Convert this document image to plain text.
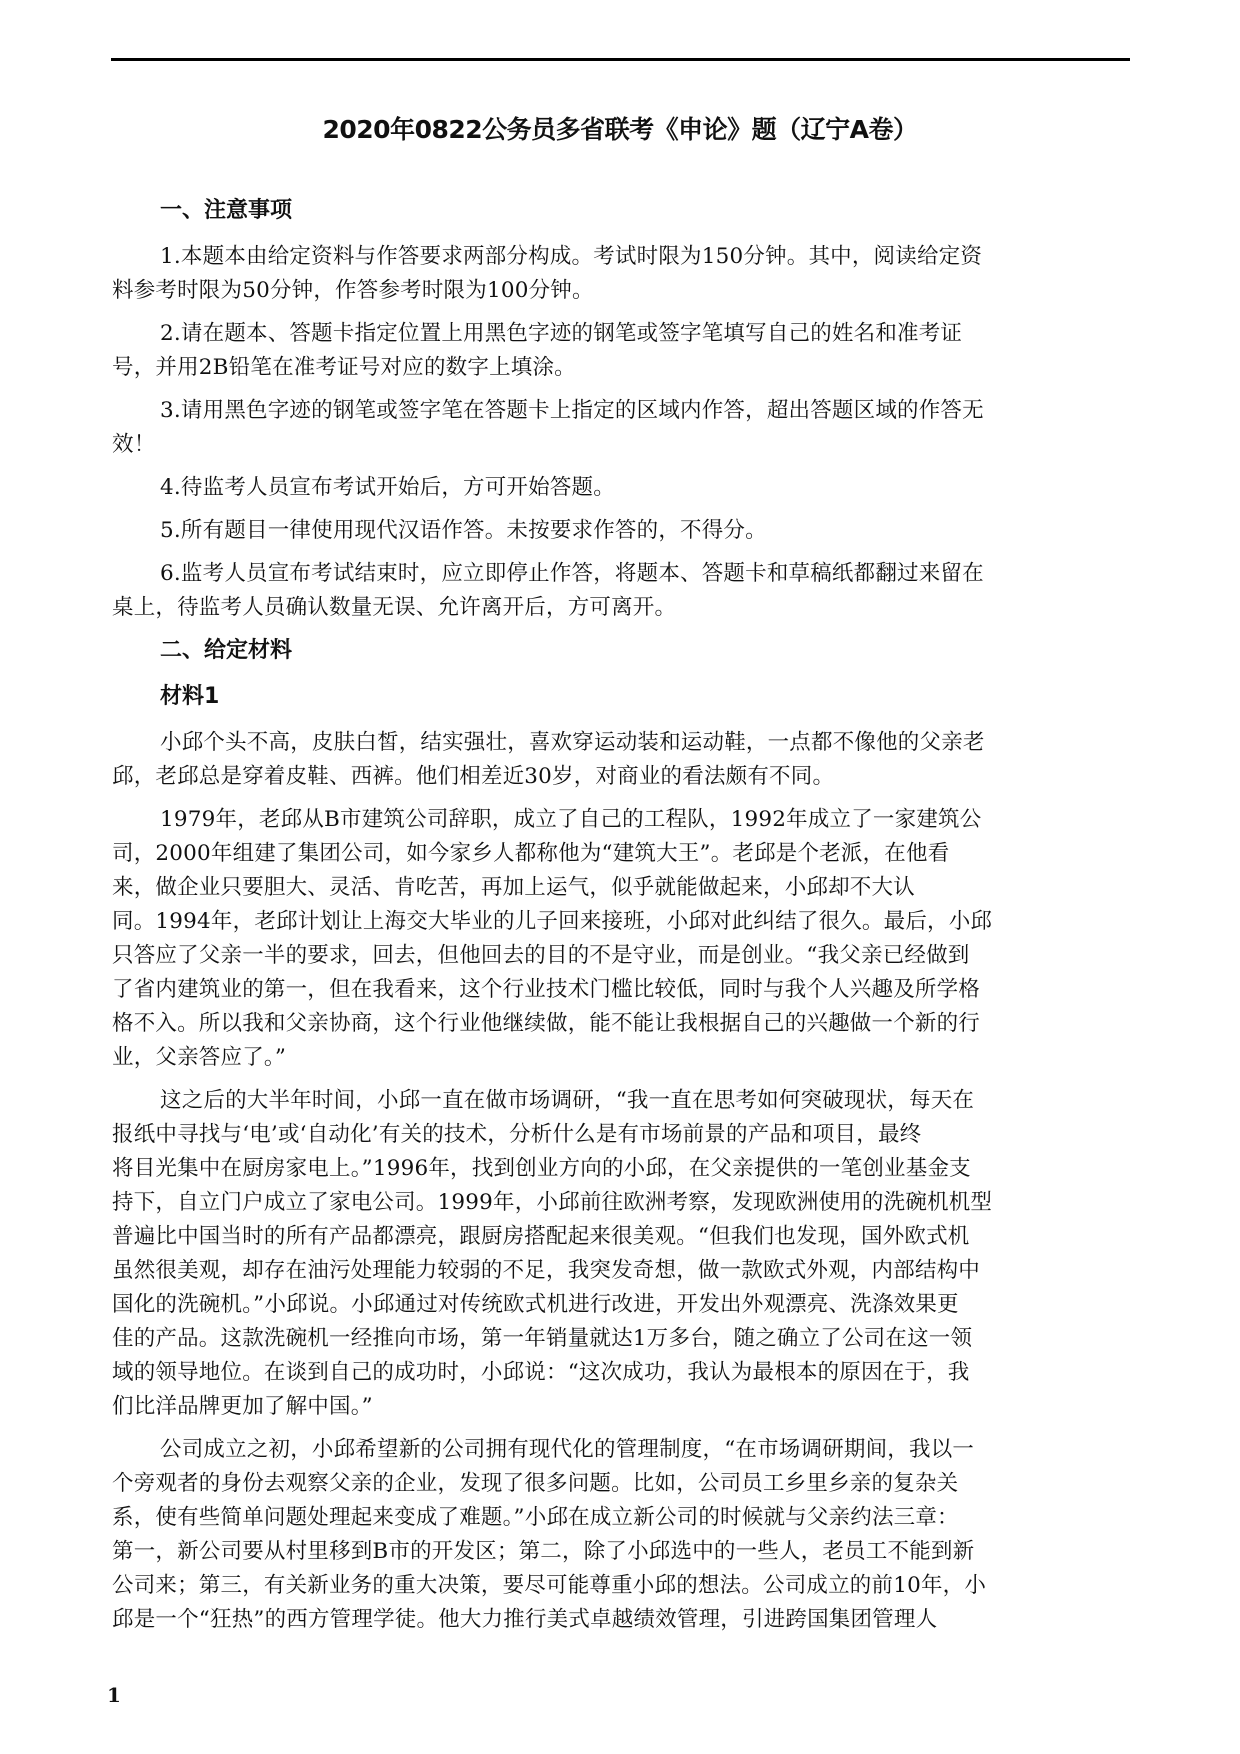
2020年0822公务员多省联考《申论》题（辽宁A卷）
一、注意事项
1.本题本由给定资料与作答要求两部分构成。考试时限为150分钟。其中，阅读给定资
料参考时限为50分钟，作答参考时限为100分钟。
2.请在题本、答题卡指定位置上用黑色字迹的钢笔或签字笔填写自己的姓名和准考证
号，并用2B铅笔在准考证号对应的数字上填涂。
3.请用黑色字迹的钢笔或签字笔在答题卡上指定的区域内作答，超出答题区域的作答无
效！
4.待监考人员宣布考试开始后，方可开始答题。
5.所有题目一律使用现代汉语作答。未按要求作答的，不得分。
6.监考人员宣布考试结束时，应立即停止作答，将题本、答题卡和草稿纸都翻过来留在
桌上，待监考人员确认数量无误、允许离开后，方可离开。
二、给定材料
材料1
小邱个头不高，皮肤白皙，结实强壮，喜欢穿运动装和运动鞋，一点都不像他的父亲老
邱，老邱总是穿着皮鞋、西裤。他们相差近30岁，对商业的看法颇有不同。
1979年，老邱从B市建筑公司辞职，成立了自己的工程队，1992年成立了一家建筑公
司，2000年组建了集团公司，如今家乡人都称他为“建筑大王”。老邱是个老派，在他看
来，做企业只要胆大、灵活、肯吃苦，再加上运气，似乎就能做起来，小邱却不大认
同。1994年，老邱计划让上海交大毕业的儿子回来接班，小邱对此纠结了很久。最后，小邱
只答应了父亲一半的要求，回去，但他回去的目的不是守业，而是创业。“我父亲已经做到
了省内建筑业的第一，但在我看来，这个行业技术门槛比较低，同时与我个人兴趣及所学格
格不入。所以我和父亲协商，这个行业他继续做，能不能让我根据自己的兴趣做一个新的行
业，父亲答应了。”
这之后的大半年时间，小邱一直在做市场调研，“我一直在思考如何突破现状，每天在
报纸中寻找与‘电’或‘自动化’有关的技术，分析什么是有市场前景的产品和项目，最终
将目光集中在厨房家电上。”1996年，找到创业方向的小邱，在父亲提供的一笔创业基金支
持下，自立门户成立了家电公司。1999年，小邱前往欧洲考察，发现欧洲使用的洗碗机机型
普遍比中国当时的所有产品都漂亮，跟厨房搭配起来很美观。“但我们也发现，国外欧式机
虽然很美观，却存在油污处理能力较弱的不足，我突发奇想，做一款欧式外观，内部结构中
国化的洗碗机。”小邱说。小邱通过对传统欧式机进行改进，开发出外观漂亮、洗涤效果更
佳的产品。这款洗碗机一经推向市场，第一年销量就达1万多台，随之确立了公司在这一领
域的领导地位。在谈到自己的成功时，小邱说：“这次成功，我认为最根本的原因在于，我
们比洋品牌更加了解中国。”
公司成立之初，小邱希望新的公司拥有现代化的管理制度，“在市场调研期间，我以一
个旁观者的身份去观察父亲的企业，发现了很多问题。比如，公司员工乡里乡亲的复杂关
系，使有些简单问题处理起来变成了难题。”小邱在成立新公司的时候就与父亲约法三章：
第一，新公司要从村里移到B市的开发区；第二，除了小邱选中的一些人，老员工不能到新
公司来；第三，有关新业务的重大决策，要尽可能尊重小邱的想法。公司成立的前10年，小
邱是一个“狂热”的西方管理学徒。他大力推行美式卓越绩效管理，引进跨国集团管理人
1
